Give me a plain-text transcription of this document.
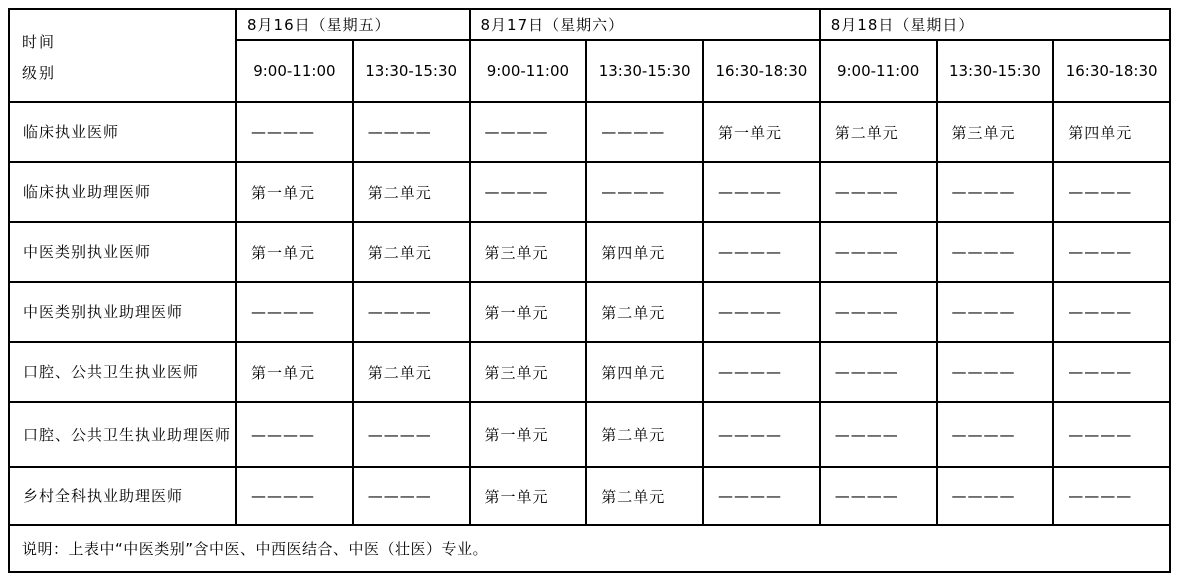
时间
级别	8月16日（星期五）		8月17日（星期六）			8月18日（星期日）		
	9:00-11:00	13:30-15:30	9:00-11:00	13:30-15:30	16:30-18:30	9:00-11:00	13:30-15:30	16:30-18:30
临床执业医师	————	————	————	————	第一单元	第二单元	第三单元	第四单元
临床执业助理医师	第一单元	第二单元	————	————	————	————	————	————
中医类别执业医师	第一单元	第二单元	第三单元	第四单元	————	————	————	————
中医类别执业助理医师	————	————	第一单元	第二单元	————	————	————	————
口腔、公共卫生执业医师	第一单元	第二单元	第三单元	第四单元	————	————	————	————
口腔、公共卫生执业助理医师	————	————	第一单元	第二单元	————	————	————	————
乡村全科执业助理医师	————	————	第一单元	第二单元	————	————	————	————
说明：上表中“中医类别”含中医、中西医结合、中医（壮医）专业。								
